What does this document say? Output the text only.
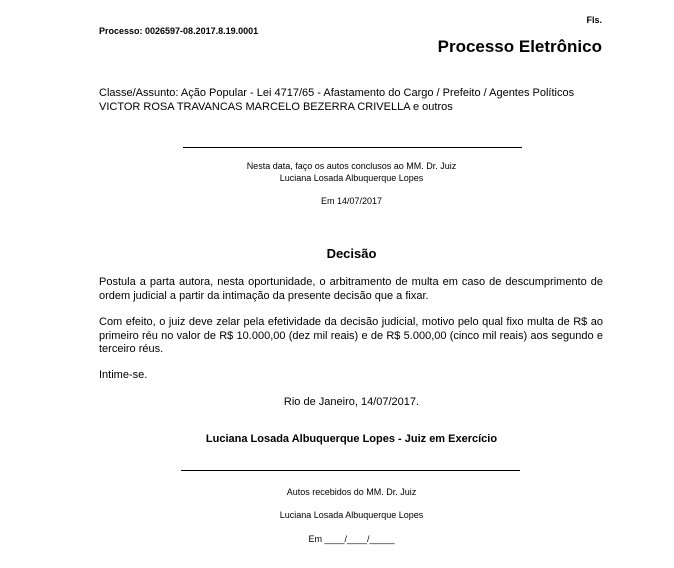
Processo: 0026597-08.2017.8.19.0001
Fls.
Processo Eletrônico
Classe/Assunto: Ação Popular - Lei 4717/65 - Afastamento do Cargo / Prefeito / Agentes Políticos
VICTOR ROSA TRAVANCAS MARCELO BEZERRA CRIVELLA e outros
Nesta data, faço os autos conclusos ao MM. Dr. Juiz
Luciana Losada Albuquerque Lopes
Em 14/07/2017
Decisão
Postula a parta autora, nesta oportunidade, o arbitramento de multa em caso de descumprimento de ordem judicial a partir da intimação da presente decisão que a fixar.
Com efeito, o juiz deve zelar pela efetividade da decisão judicial, motivo pelo qual fixo multa de R$ ao primeiro réu no valor de R$ 10.000,00 (dez mil reais) e de R$ 5.000,00 (cinco mil reais) aos segundo e terceiro réus.
Intime-se.
Rio de Janeiro, 14/07/2017.
Luciana Losada Albuquerque Lopes - Juiz em Exercício
Autos recebidos do MM. Dr. Juiz
Luciana Losada Albuquerque Lopes
Em ____/____/_____
